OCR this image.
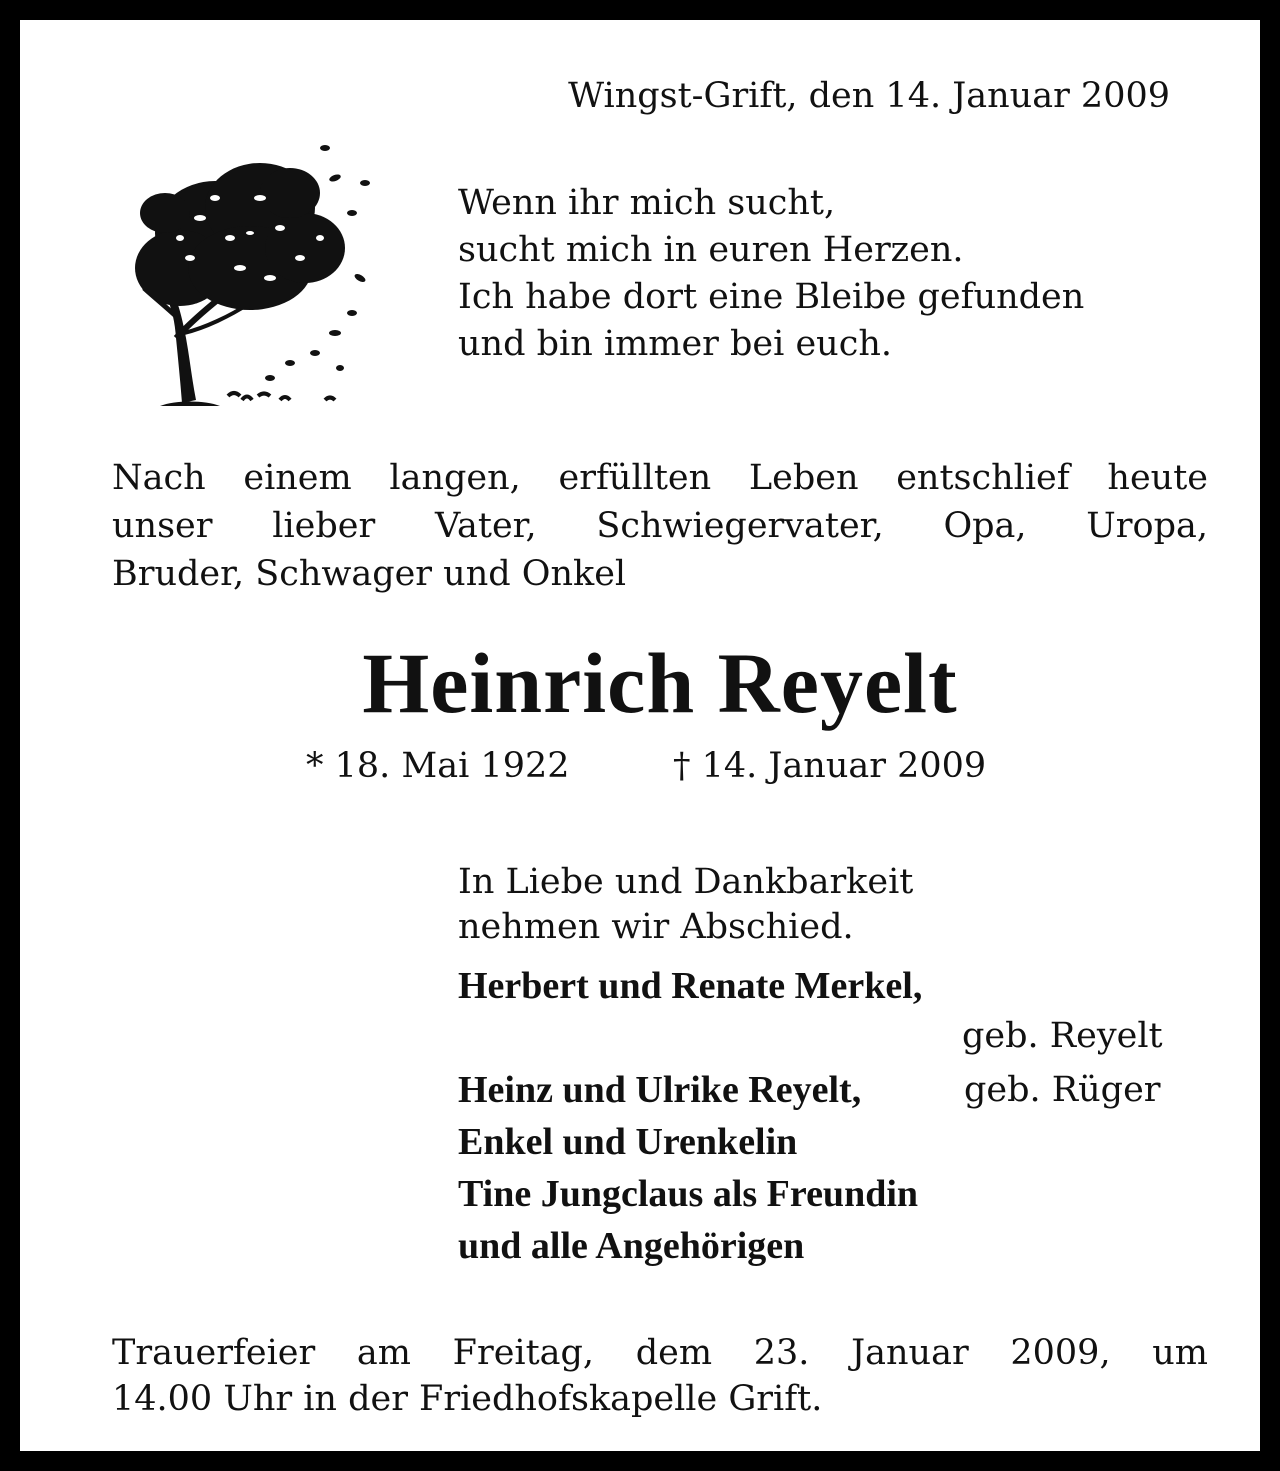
Wingst-Grift, den 14. Januar 2009
Wenn ihr mich sucht,
sucht mich in euren Herzen.
Ich habe dort eine Bleibe gefunden
und bin immer bei euch.
Nach einem langen, erfüllten Leben entschlief heute
unser lieber Vater, Schwiegervater, Opa, Uropa,
Bruder, Schwager und Onkel
Heinrich Reyelt
* 18. Mai 1922	† 14. Januar 2009
In Liebe und Dankbarkeit
nehmen wir Abschied.
Herbert und Renate Merkel,
geb. Reyelt
Heinz und Ulrike Reyelt,	geb. Rüger
Enkel und Urenkelin
Tine Jungclaus als Freundin
und alle Angehörigen
Trauerfeier am Freitag, dem 23. Januar 2009, um
14.00 Uhr in der Friedhofskapelle Grift.
